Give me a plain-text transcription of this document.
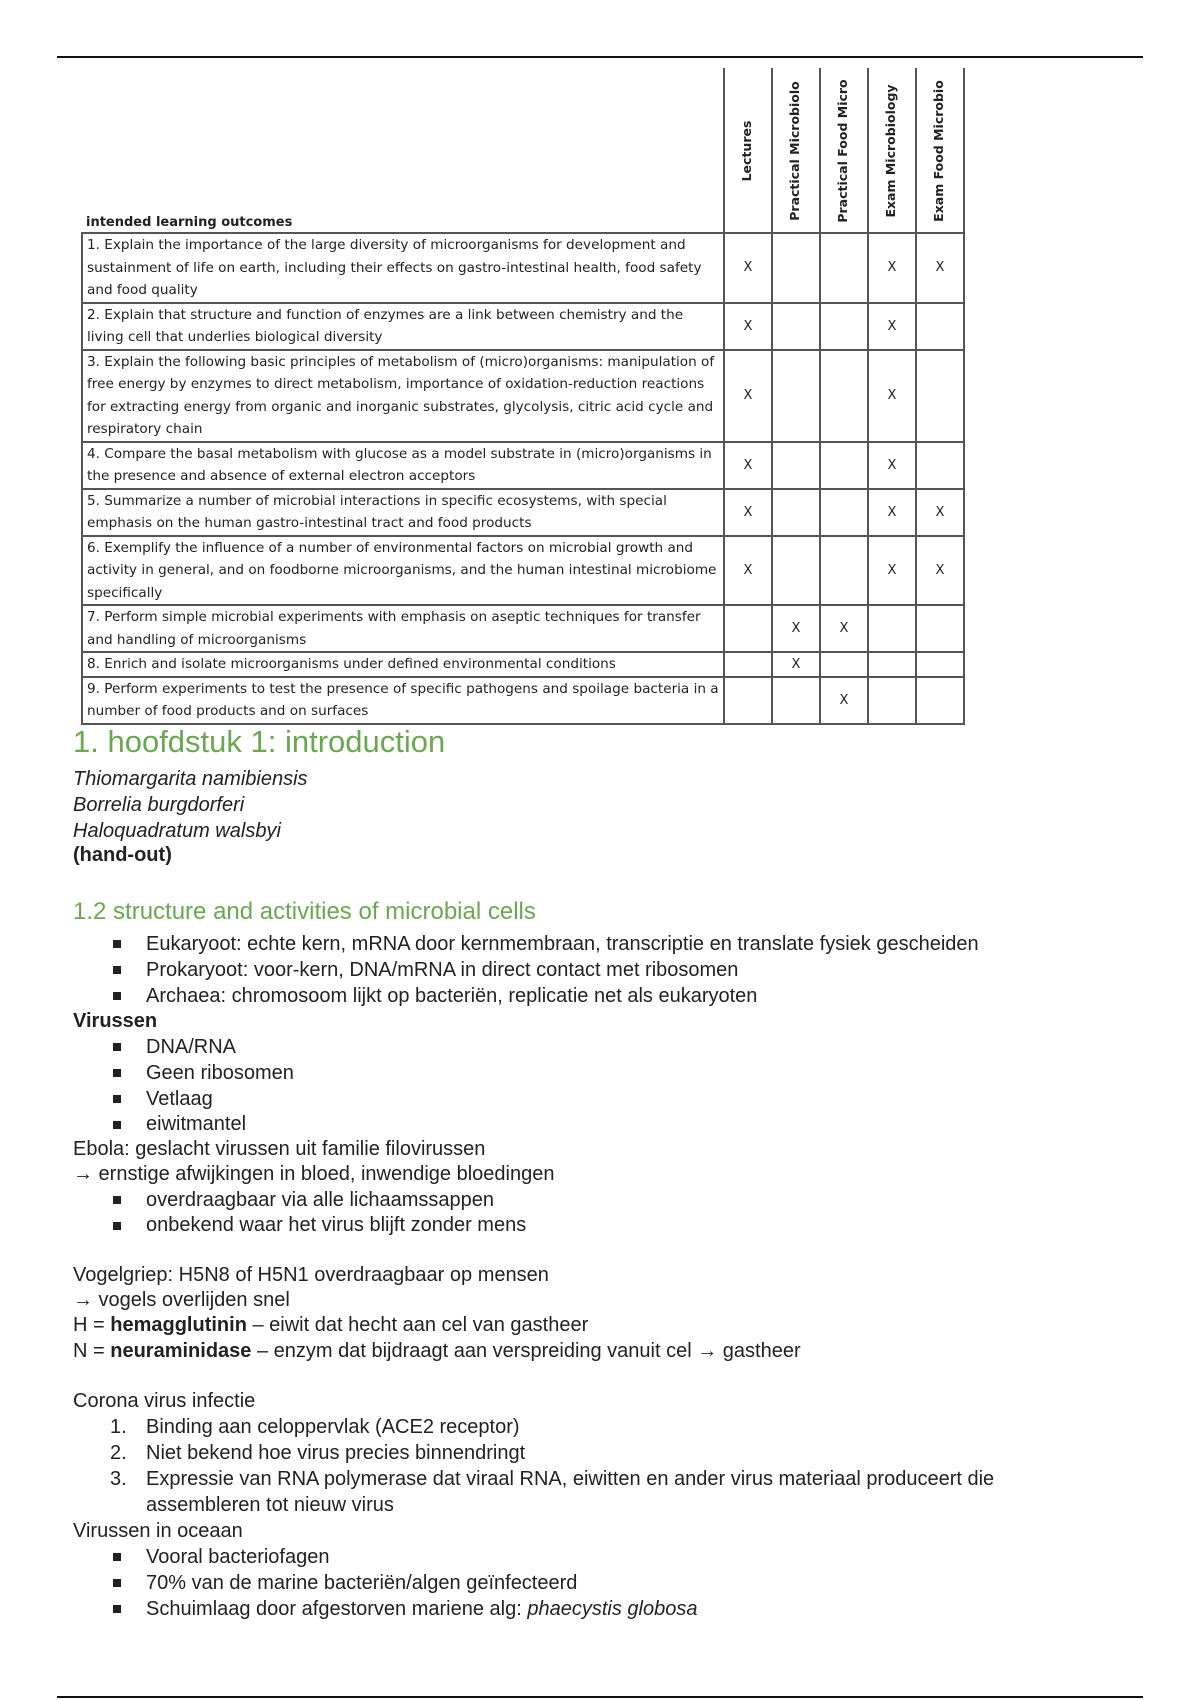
intended learning outcomes	Lectures	Practical Microbiolo	Practical Food Micro	Exam Microbiology	Exam Food Microbio

1. Explain the importance of the large diversity of microorganisms for development and sustainment of life on earth, including their effects on gastro-intestinal health, food safety and food quality	X			X	X
2. Explain that structure and function of enzymes are a link between chemistry and the living cell that underlies biological diversity	X			X	
3. Explain the following basic principles of metabolism of (micro)organisms: manipulation of free energy by enzymes to direct metabolism, importance of oxidation-reduction reactions for extracting energy from organic and inorganic substrates, glycolysis, citric acid cycle and respiratory chain	X			X	
4. Compare the basal metabolism with glucose as a model substrate in (micro)organisms in the presence and absence of external electron acceptors	X			X	
5. Summarize a number of microbial interactions in specific ecosystems, with special emphasis on the human gastro-intestinal tract and food products	X			X	X
6. Exemplify the influence of a number of environmental factors on microbial growth and activity in general, and on foodborne microorganisms, and the human intestinal microbiome specifically	X			X	X
7. Perform simple microbial experiments with emphasis on aseptic techniques for transfer and handling of microorganisms		X	X		
8. Enrich and isolate microorganisms under defined environmental conditions		X			
9. Perform experiments to test the presence of specific pathogens and spoilage bacteria in a number of food products and on surfaces			X		
1. hoofdstuk 1: introduction
Thiomargarita namibiensis
Borrelia burgdorferi
Haloquadratum walsbyi
(hand-out)
1.2 structure and activities of microbial cells
Eukaryoot: echte kern, mRNA door kernmembraan, transcriptie en translate fysiek gescheiden
Prokaryoot: voor-kern, DNA/mRNA in direct contact met ribosomen
Archaea: chromosoom lijkt op bacteriën, replicatie net als eukaryoten
Virussen
DNA/RNA
Geen ribosomen
Vetlaag
eiwitmantel
Ebola: geslacht virussen uit familie filovirussen
→ ernstige afwijkingen in bloed, inwendige bloedingen
overdraagbaar via alle lichaamssappen
onbekend waar het virus blijft zonder mens
Vogelgriep: H5N8 of H5N1 overdraagbaar op mensen
→ vogels overlijden snel
H = hemagglutinin – eiwit dat hecht aan cel van gastheer
N = neuraminidase – enzym dat bijdraagt aan verspreiding vanuit cel → gastheer
Corona virus infectie
1. Binding aan celoppervlak (ACE2 receptor)
2. Niet bekend hoe virus precies binnendringt
3. Expressie van RNA polymerase dat viraal RNA, eiwitten en ander virus materiaal produceert die
assembleren tot nieuw virus
Virussen in oceaan
Vooral bacteriofagen
70% van de marine bacteriën/algen geïnfecteerd
Schuimlaag door afgestorven mariene alg: phaecystis globosa
